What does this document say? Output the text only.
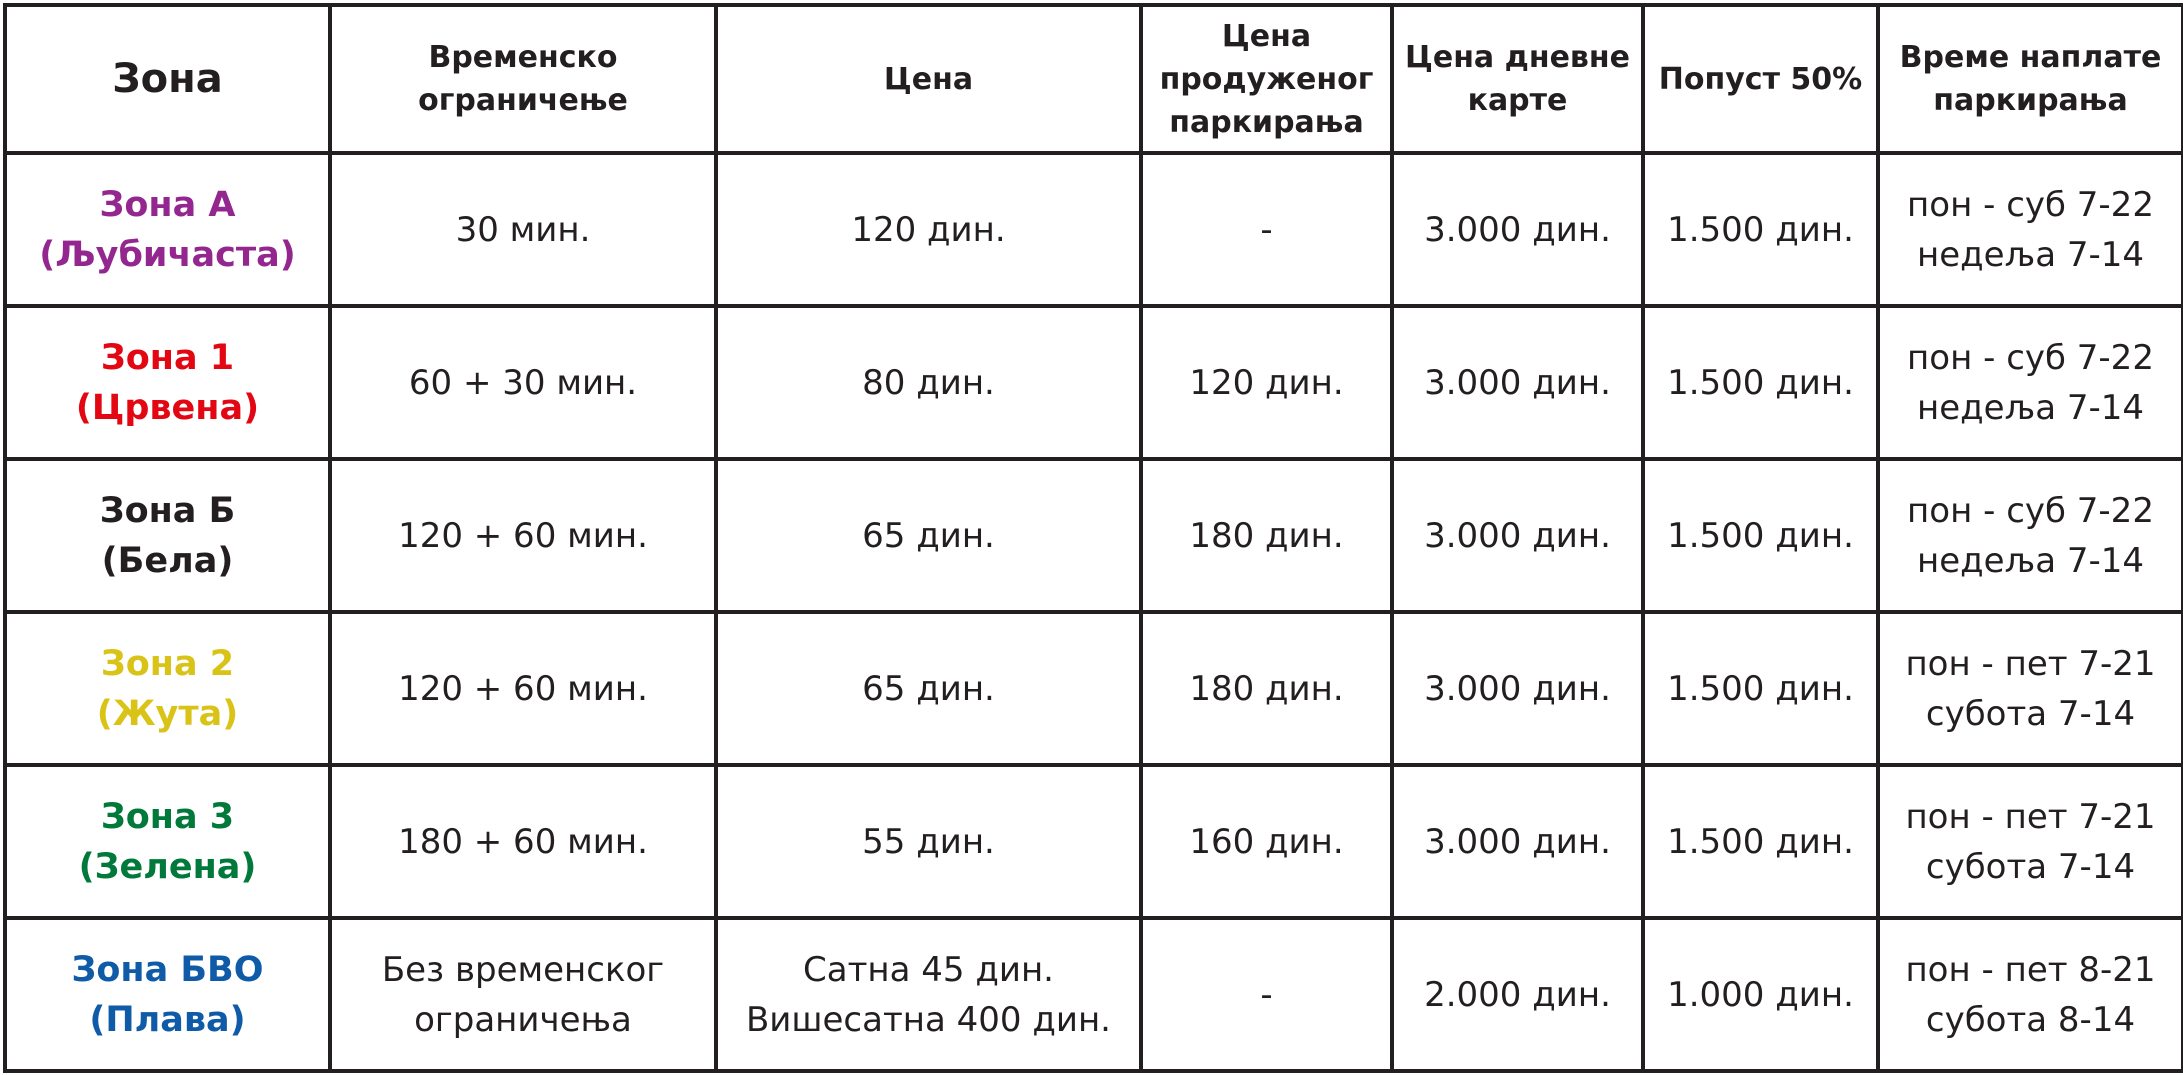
Зона	Временско
ограничење	Цена	Цена
продуженог
паркирања	Цена дневне
карте	Попуст 50%	Време наплате
паркирања

Зона А
(Љубичаста)	30 мин.	120 дин.	-	3.000 дин.	1.500 дин.	пон - суб 7-22
недеља 7-14

Зона 1
(Црвена)	60 + 30 мин.	80 дин.	120 дин.	3.000 дин.	1.500 дин.	пон - суб 7-22
недеља 7-14

Зона Б
(Бела)	120 + 60 мин.	65 дин.	180 дин.	3.000 дин.	1.500 дин.	пон - суб 7-22
недеља 7-14

Зона 2
(Жута)	120 + 60 мин.	65 дин.	180 дин.	3.000 дин.	1.500 дин.	пон - пет 7-21
субота 7-14

Зона 3
(Зелена)	180 + 60 мин.	55 дин.	160 дин.	3.000 дин.	1.500 дин.	пон - пет 7-21
субота 7-14

Зона БВО
(Плава)	Без временског
ограничења	Сатна 45 дин.
Вишесатна 400 дин.	-	2.000 дин.	1.000 дин.	пон - пет 8-21
субота 8-14
